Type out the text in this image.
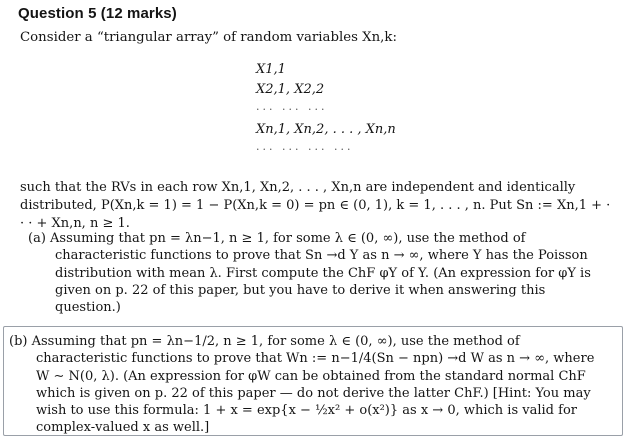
Question 5 (12 marks)
Consider a “triangular array” of random variables Xn,k:
X1,1
X2,1, X2,2
··· ··· ···
Xn,1, Xn,2, . . . , Xn,n
··· ··· ··· ···
such that the RVs in each row Xn,1, Xn,2, . . . , Xn,n are independent and identically distributed, P(Xn,k = 1) = 1 − P(Xn,k = 0) = pn ∈ (0, 1), k = 1, . . . , n. Put Sn := Xn,1 + · · · + Xn,n, n ≥ 1.
(a) Assuming that pn = λn−1, n ≥ 1, for some λ ∈ (0, ∞), use the method of characteristic functions to prove that Sn →d Y as n → ∞, where Y has the Poisson distribution with mean λ. First compute the ChF φY of Y. (An expression for φY is given on p. 22 of this paper, but you have to derive it when answering this question.)
(b) Assuming that pn = λn−1/2, n ≥ 1, for some λ ∈ (0, ∞), use the method of characteristic functions to prove that Wn := n−1/4(Sn − npn) →d W as n → ∞, where W ∼ N(0, λ). (An expression for φW can be obtained from the standard normal ChF which is given on p. 22 of this paper — do not derive the latter ChF.) [Hint: You may wish to use this formula: 1 + x = exp{x − ½x² + o(x²)} as x → 0, which is valid for complex-valued x as well.]
